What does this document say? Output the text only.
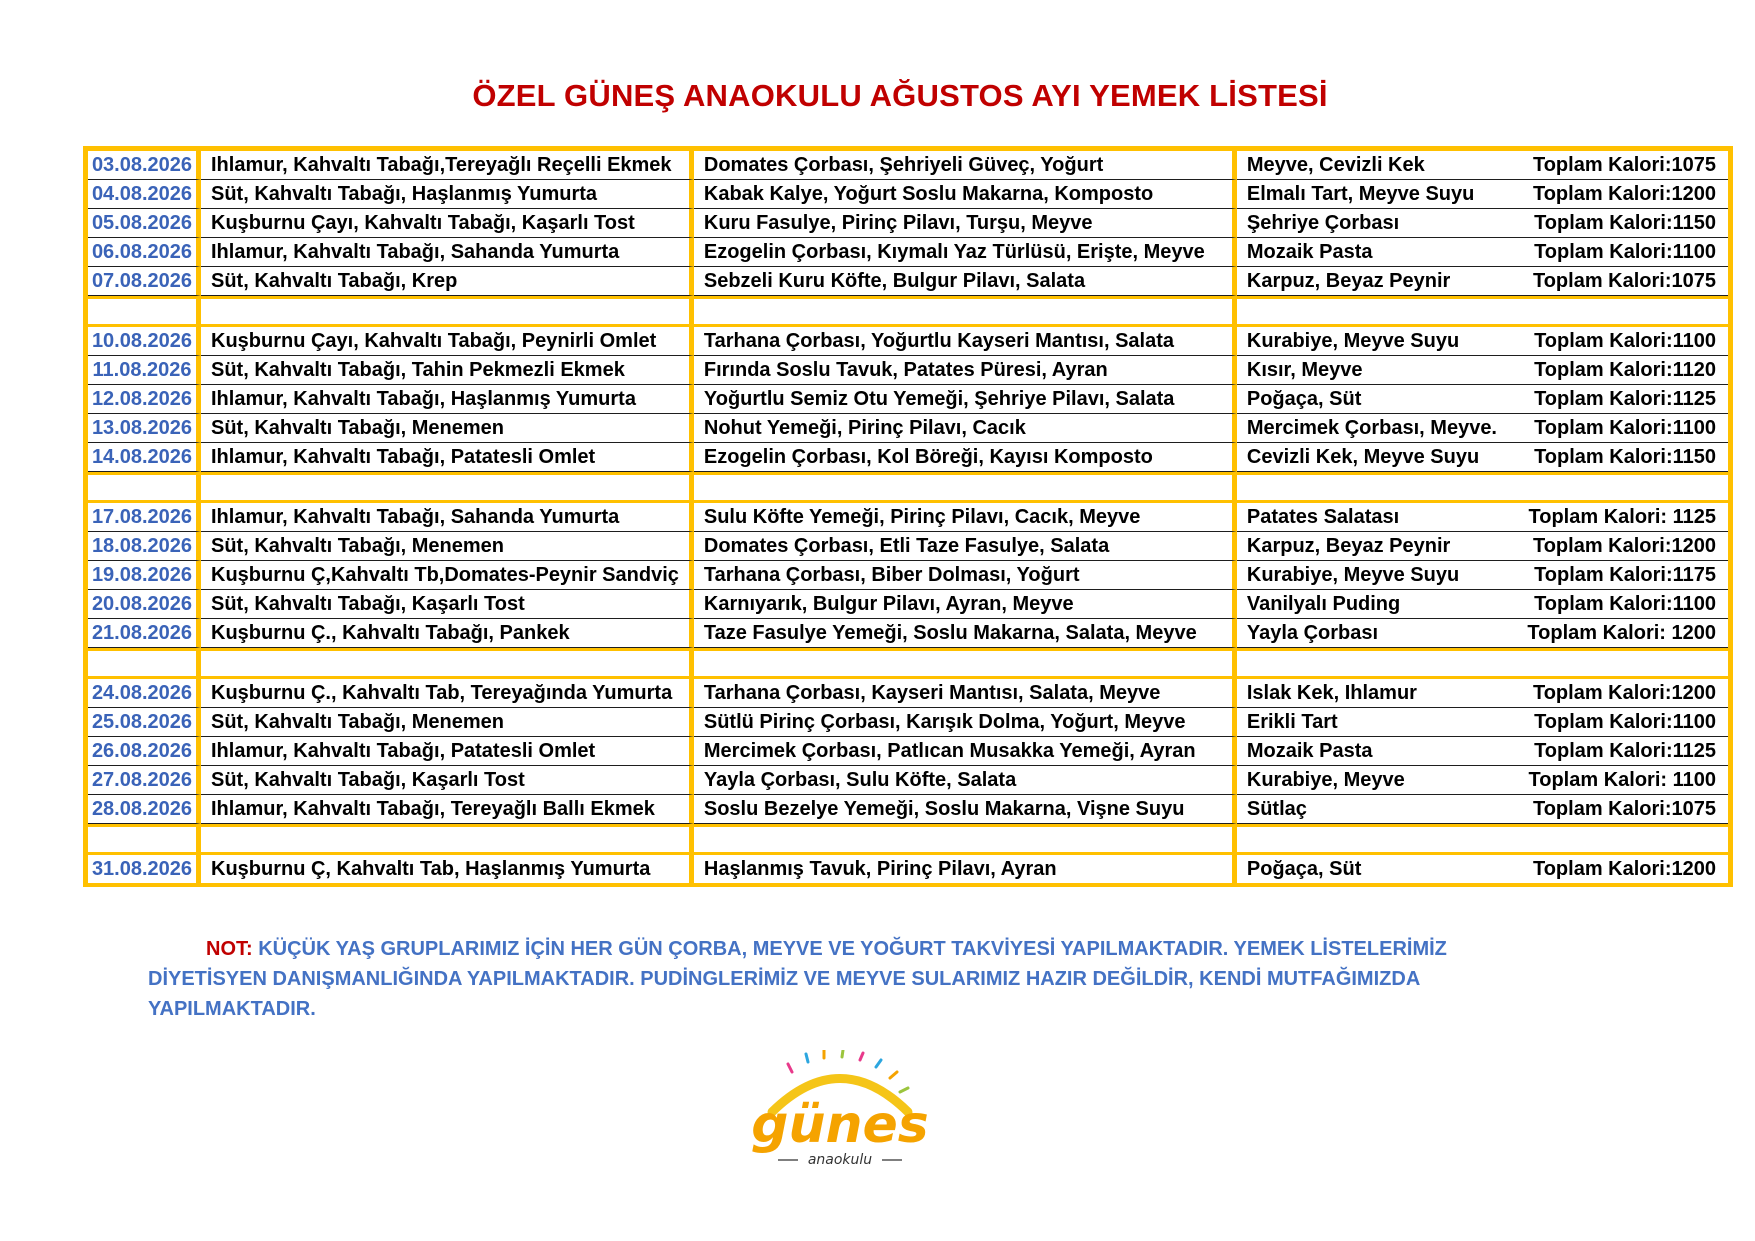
ÖZEL GÜNEŞ ANAOKULU AĞUSTOS AYI YEMEK LİSTESİ
03.08.2026	Ihlamur, Kahvaltı Tabağı,Tereyağlı Reçelli Ekmek	Domates Çorbası, Şehriyeli Güveç, Yoğurt	Meyve, Cevizli Kek Toplam Kalori:1075

04.08.2026	Süt, Kahvaltı Tabağı, Haşlanmış Yumurta	Kabak Kalye, Yoğurt Soslu Makarna, Komposto	Elmalı Tart, Meyve Suyu Toplam Kalori:1200

05.08.2026	Kuşburnu Çayı, Kahvaltı Tabağı, Kaşarlı Tost	Kuru Fasulye, Pirinç Pilavı, Turşu, Meyve	Şehriye Çorbası Toplam Kalori:1150

06.08.2026	Ihlamur, Kahvaltı Tabağı, Sahanda Yumurta	Ezogelin Çorbası, Kıymalı Yaz Türlüsü, Erişte, Meyve	Mozaik Pasta Toplam Kalori:1100

07.08.2026	Süt, Kahvaltı Tabağı, Krep	Sebzeli Kuru Köfte, Bulgur Pilavı, Salata	Karpuz, Beyaz Peynir Toplam Kalori:1075

10.08.2026	Kuşburnu Çayı, Kahvaltı Tabağı, Peynirli Omlet	Tarhana Çorbası, Yoğurtlu Kayseri Mantısı, Salata	Kurabiye, Meyve Suyu Toplam Kalori:1100

11.08.2026	Süt, Kahvaltı Tabağı, Tahin Pekmezli Ekmek	Fırında Soslu Tavuk, Patates Püresi, Ayran	Kısır, Meyve Toplam Kalori:1120

12.08.2026	Ihlamur, Kahvaltı Tabağı, Haşlanmış Yumurta	Yoğurtlu Semiz Otu Yemeği, Şehriye Pilavı, Salata	Poğaça, Süt Toplam Kalori:1125

13.08.2026	Süt, Kahvaltı Tabağı, Menemen	Nohut Yemeği, Pirinç Pilavı, Cacık	Mercimek Çorbası, Meyve. Toplam Kalori:1100

14.08.2026	Ihlamur, Kahvaltı Tabağı, Patatesli Omlet	Ezogelin Çorbası, Kol Böreği, Kayısı Komposto	Cevizli Kek, Meyve Suyu Toplam Kalori:1150

17.08.2026	Ihlamur, Kahvaltı Tabağı, Sahanda Yumurta	Sulu Köfte Yemeği, Pirinç Pilavı, Cacık, Meyve	Patates Salatası Toplam Kalori: 1125

18.08.2026	Süt, Kahvaltı Tabağı, Menemen	Domates Çorbası, Etli Taze Fasulye, Salata	Karpuz, Beyaz Peynir Toplam Kalori:1200

19.08.2026	Kuşburnu Ç,Kahvaltı Tb,Domates-Peynir Sandviç	Tarhana Çorbası, Biber Dolması, Yoğurt	Kurabiye, Meyve Suyu Toplam Kalori:1175

20.08.2026	Süt, Kahvaltı Tabağı, Kaşarlı Tost	Karnıyarık, Bulgur Pilavı, Ayran, Meyve	Vanilyalı Puding Toplam Kalori:1100

21.08.2026	Kuşburnu Ç., Kahvaltı Tabağı, Pankek	Taze Fasulye Yemeği, Soslu Makarna, Salata, Meyve	Yayla Çorbası Toplam Kalori: 1200

24.08.2026	Kuşburnu Ç., Kahvaltı Tab, Tereyağında Yumurta	Tarhana Çorbası, Kayseri Mantısı, Salata, Meyve	Islak Kek, Ihlamur Toplam Kalori:1200

25.08.2026	Süt, Kahvaltı Tabağı, Menemen	Sütlü Pirinç Çorbası, Karışık Dolma, Yoğurt, Meyve	Erikli Tart Toplam Kalori:1100

26.08.2026	Ihlamur, Kahvaltı Tabağı, Patatesli Omlet	Mercimek Çorbası, Patlıcan Musakka Yemeği, Ayran	Mozaik Pasta Toplam Kalori:1125

27.08.2026	Süt, Kahvaltı Tabağı, Kaşarlı Tost	Yayla Çorbası, Sulu Köfte, Salata	Kurabiye, Meyve Toplam Kalori: 1100

28.08.2026	Ihlamur, Kahvaltı Tabağı, Tereyağlı Ballı Ekmek	Soslu Bezelye Yemeği, Soslu Makarna, Vişne Suyu	Sütlaç Toplam Kalori:1075

31.08.2026	Kuşburnu Ç, Kahvaltı Tab, Haşlanmış Yumurta	Haşlanmış Tavuk, Pirinç Pilavı, Ayran	Poğaça, Süt Toplam Kalori:1200
NOT: KÜÇÜK YAŞ GRUPLARIMIZ İÇİN HER GÜN ÇORBA, MEYVE VE YOĞURT TAKVİYESİ YAPILMAKTADIR. YEMEK LİSTELERİMİZ DİYETİSYEN DANIŞMANLIĞINDA YAPILMAKTADIR. PUDİNGLERİMİZ VE MEYVE SULARIMIZ HAZIR DEĞİLDİR, KENDİ MUTFAĞIMIZDA YAPILMAKTADIR.
günes
anaokulu
